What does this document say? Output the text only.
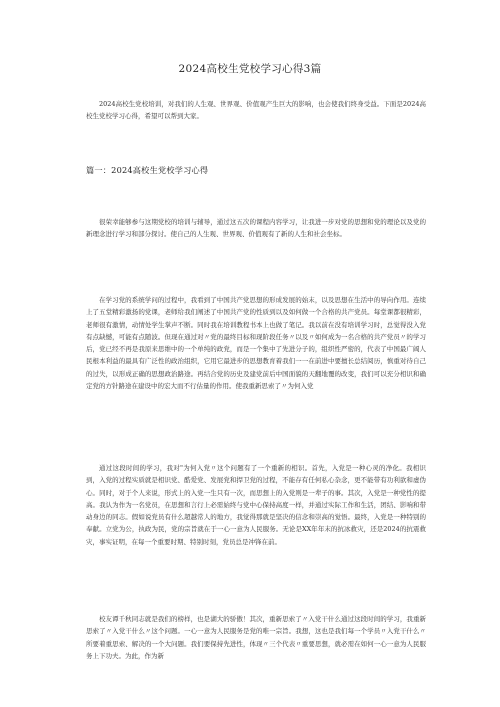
2024高校生党校学习心得3篇

2024高校生党校培训，对我们的人生观、世界观、价值观产生巨大的影响，也会使我们终身受益。下面是2024高校生党校学习心得，希望可以帮到大家。

篇一：2024高校生党校学习心得

很荣幸能够参与这期党校的培训与辅导，通过这五次的课程内容学习，让我进一步对党的思想和党的理论以及党的新理念进行学习和部分探讨。使自己的人生观、世界观、价值观有了新的人生和社会坐标。

在学习党的系统学问的过程中，我看到了中国共产党思想的形成发展的始末，以及思想在生活中的导向作用。连续上了五堂精彩激扬的党课，老师给我们阐述了中国共产党的性质到以及如何做一个合格的共产党员。每堂课都很精彩，老师很有激情，动情处学生掌声不断。同时我在培训教程书本上也做了笔记。我以前在没有培训学习时，总觉得没入党有点缺憾，可能有点随波。但现在通过对〃党的最终目标和现阶段任务〃以及〃如何成为一名合格的共产党员〃的学习后，党已经不再是我原来思维中的一个单纯的政党，而是一个集中了先进分子的，组织性严密的，代表了中国最广阔人民根本利益的最具有广泛性的政治组织，它用它最进步的思想教育着我们一一在前进中要擅长总结阅历，慎重对待自己的过失，以形成正确的思想政治路途。再结合党的历史及建党前后中国面貌的天翻地覆的改变，我们可以充分相识和确定党的方针路途在建设中的宏大而不行估量的作用。使我重新思索了〃为何入党

通过这段时间的学习，我对"为何入党〃这个问题有了一个重新的相识。首先，入党是一种心灵的净化。我相识到，入党的过程实质就是相识党、酷爱党、发展党和捍卫党的过程，不能存有任何私心杂念，更不能带有功利欲和虚伪心。同时，对于个人来说，形式上的入党一生只有一次，而思想上的入党则是一辈子的事。其次，入党是一种党性的提高。我认为作为一名党员，在思想和言行上必需始终与党中心保持高度一样，并通过实际工作和生活，团结、影响和带动身边的同志。假如说党员有什么超越常人的地方，我觉得那就是坚决的信念和崇高的觉悟。最终，入党是一种特别的奉献。立党为公，执政为民，党的宗旨就在于一心一意为人民服务。无论是XX年年末的抗冰救灾，还是2024的抗震救灾，事实证明，在每一个重要时期、特别时刻，党员总是冲锋在前。

校友谭千秋同志就是我们的榜样，也是湖大的骄傲！其次，重新思索了〃入党干什么通过这段时间的学习，我重新思索了〃入党干什么〃这个问题。一心一意为人民服务是党的唯一宗旨。我想，这也是我们每一个学员〃入党干什么〃所要着重思索、解决的一个大问题。我们要保持先进性，体现〃三个代表〃重要思想，就必需在如何一心一意为人民服务上下功夫。为此，作为新
